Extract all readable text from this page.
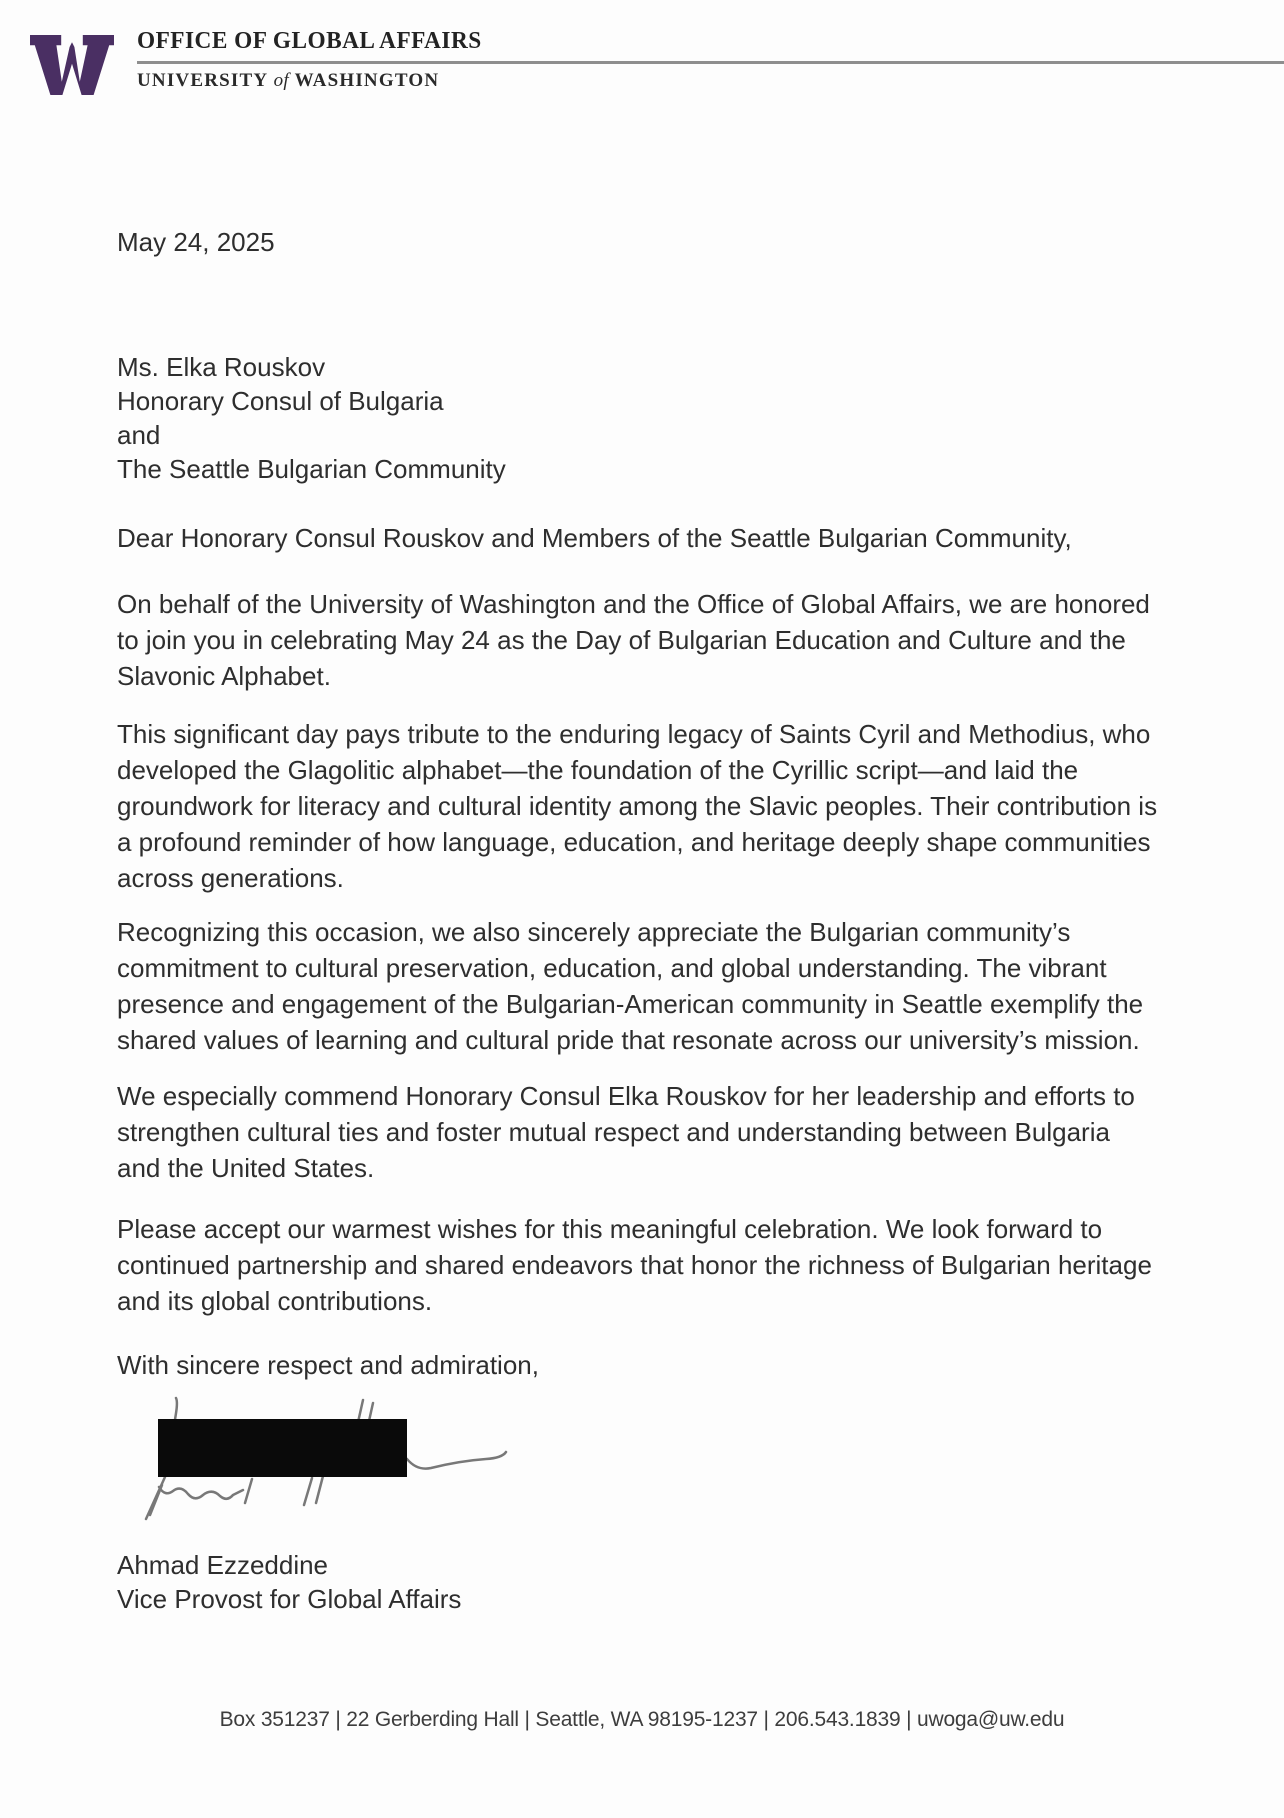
OFFICE OF GLOBAL AFFAIRS
UNIVERSITY of WASHINGTON
May 24, 2025
Ms. Elka Rouskov
Honorary Consul of Bulgaria
and
The Seattle Bulgarian Community
Dear Honorary Consul Rouskov and Members of the Seattle Bulgarian Community,
On behalf of the University of Washington and the Office of Global Affairs, we are honored
to join you in celebrating May 24 as the Day of Bulgarian Education and Culture and the
Slavonic Alphabet.
This significant day pays tribute to the enduring legacy of Saints Cyril and Methodius, who
developed the Glagolitic alphabet—the foundation of the Cyrillic script—and laid the
groundwork for literacy and cultural identity among the Slavic peoples. Their contribution is
a profound reminder of how language, education, and heritage deeply shape communities
across generations.
Recognizing this occasion, we also sincerely appreciate the Bulgarian community’s
commitment to cultural preservation, education, and global understanding. The vibrant
presence and engagement of the Bulgarian-American community in Seattle exemplify the
shared values of learning and cultural pride that resonate across our university’s mission.
We especially commend Honorary Consul Elka Rouskov for her leadership and efforts to
strengthen cultural ties and foster mutual respect and understanding between Bulgaria
and the United States.
Please accept our warmest wishes for this meaningful celebration. We look forward to
continued partnership and shared endeavors that honor the richness of Bulgarian heritage
and its global contributions.
With sincere respect and admiration,
Ahmad Ezzeddine
Vice Provost for Global Affairs
Box 351237 | 22 Gerberding Hall | Seattle, WA 98195-1237 | 206.543.1839 | uwoga@uw.edu
